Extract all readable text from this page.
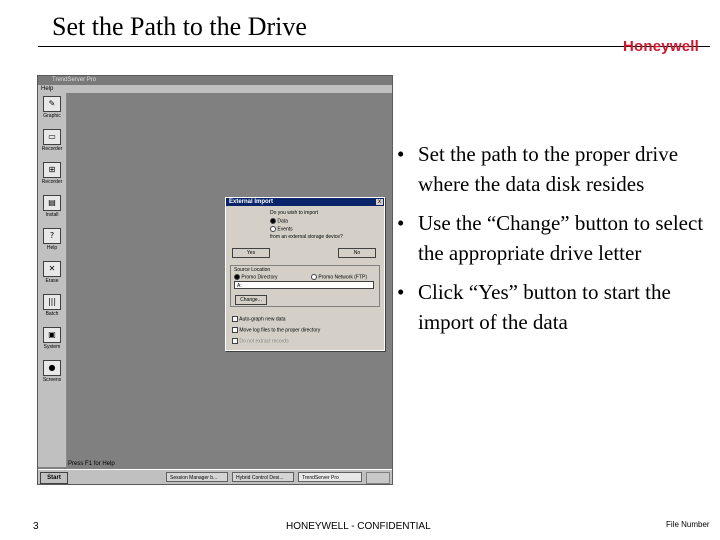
Set the Path to the Drive
Honeywell
TrendServer Pro
Help
✎
Graphic
▭
Recorder
⊞
Recorder
▤
Install
?
Help
✕
Erase
|||
Batch
▣
System
●
Screens
External Import	x
Do you wish to import
Data
Events
from an external storage device?
Yes	No
Source Location
Promo Directory	Promo Network (FTP)
Change...
A:
Auto-graph new data
Move log files to the proper directory
Do not extract records
Press F1 for Help
Start	Session Manager b...	Hybrid Control Desi...	TrendServer Pro
• Set the path to the proper drive where the data disk resides
• Use the “Change” button to select the appropriate drive letter
• Click “Yes” button to start the import of the data
3	HONEYWELL - CONFIDENTIAL	File Number
